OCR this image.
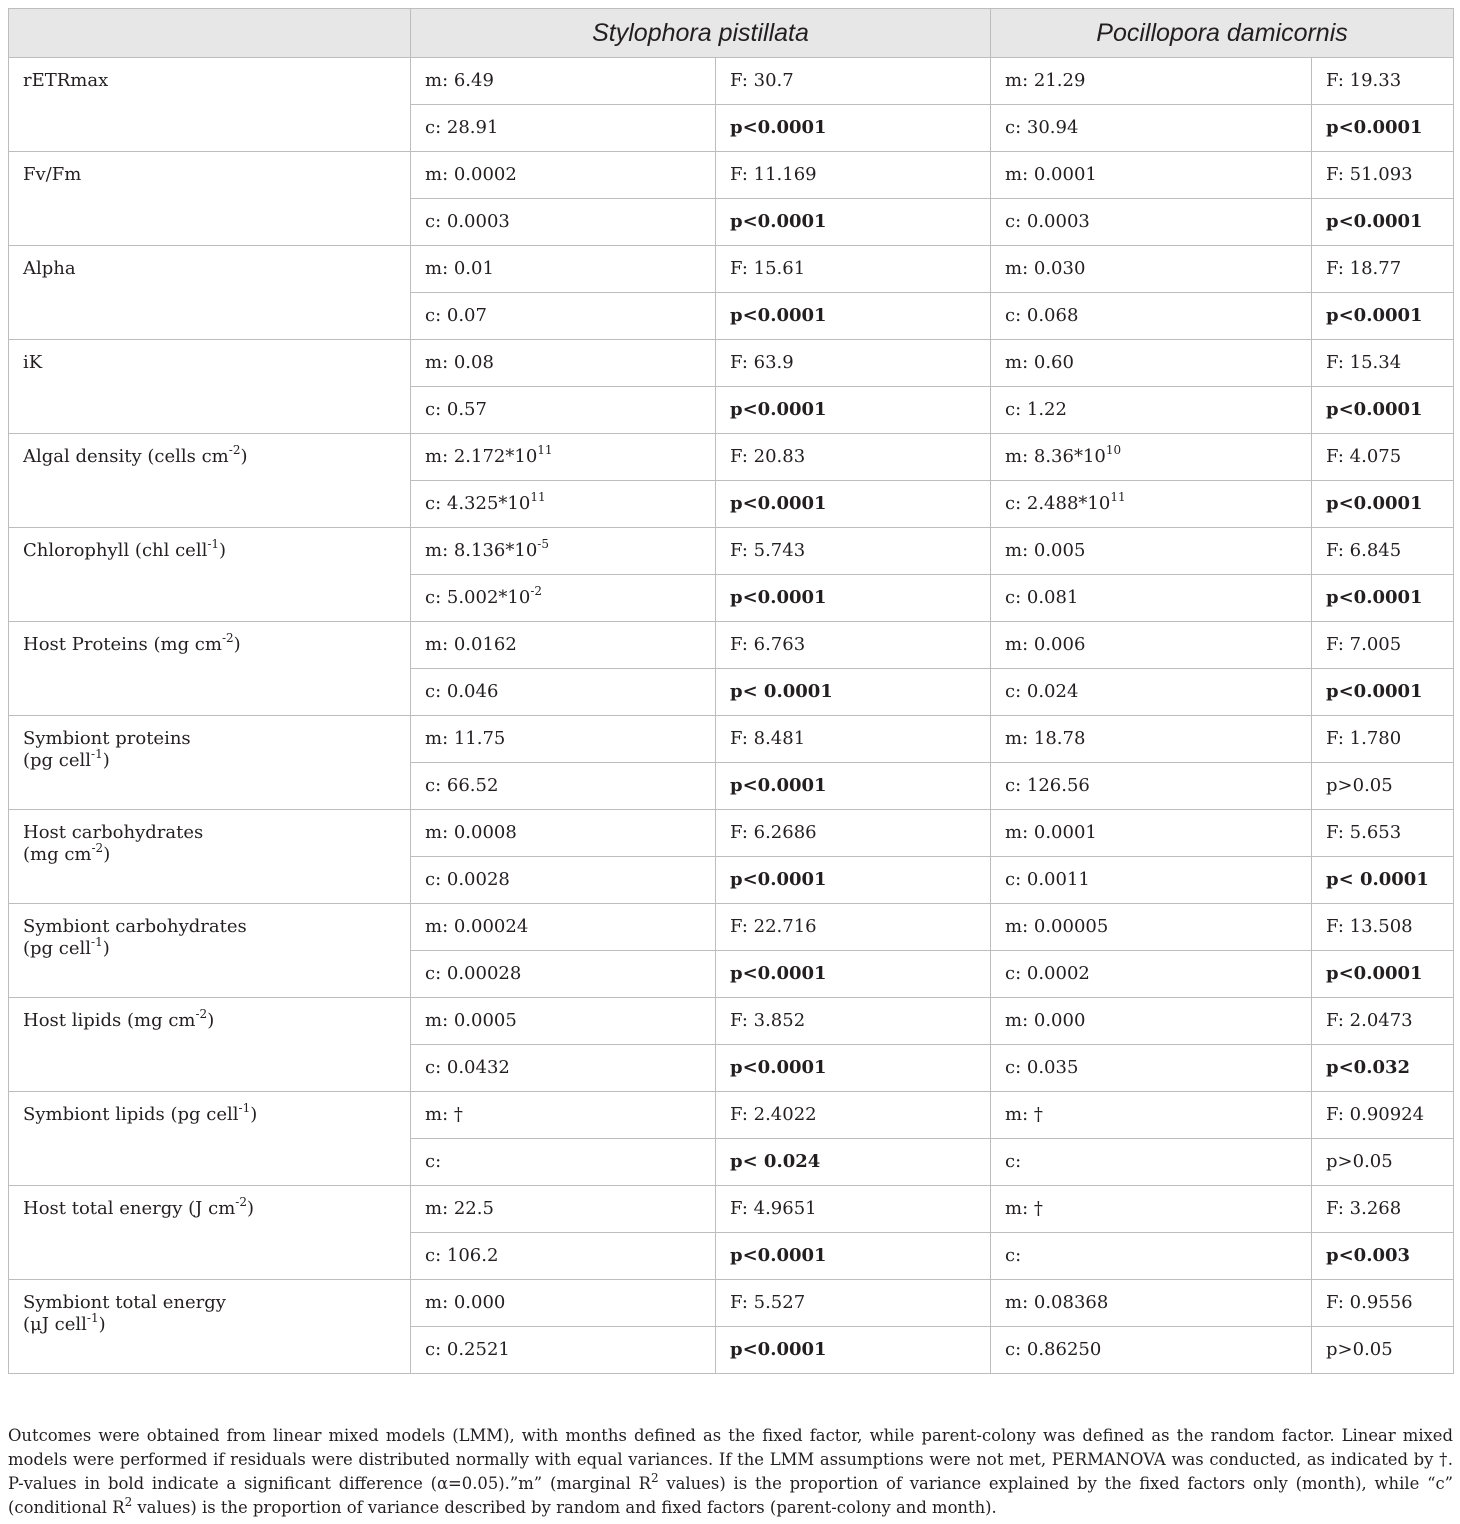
	Stylophora pistillata		Pocillopora damicornis	
rETRmax	m: 6.49	F: 30.7	m: 21.29	F: 19.33
	c: 28.91	p<0.0001	c: 30.94	p<0.0001
Fv/Fm	m: 0.0002	F: 11.169	m: 0.0001	F: 51.093
	c: 0.0003	p<0.0001	c: 0.0003	p<0.0001
Alpha	m: 0.01	F: 15.61	m: 0.030	F: 18.77
	c: 0.07	p<0.0001	c: 0.068	p<0.0001
iK	m: 0.08	F: 63.9	m: 0.60	F: 15.34
	c: 0.57	p<0.0001	c: 1.22	p<0.0001
Algal density (cells $cm^{-2}$)	m: $2.172*10^{11}$	F: 20.83	m: $8.36*10^{10}$	F: 4.075
	c: $4.325*10^{11}$	p<0.0001	c: $2.488*10^{11}$	p<0.0001
Chlorophyll (chl cell$^{-1}$)	m: $8.136*10^{-5}$	F: 5.743	m: 0.005	F: 6.845
	c: $5.002*10^{-2}$	p<0.0001	c: 0.081	p<0.0001
Host Proteins (mg $cm^{-2}$)	m: 0.0162	F: 6.763	m: 0.006	F: 7.005
	c: 0.046	p< 0.0001	c: 0.024	p<0.0001
Symbiont proteins
(pg cell$^{-1}$)	m: 11.75	F: 8.481	m: 18.78	F: 1.780
	c: 66.52	p<0.0001	c: 126.56	p>0.05
Host carbohydrates
(mg $cm^{-2}$)	m: 0.0008	F: 6.2686	m: 0.0001	F: 5.653
	c: 0.0028	p<0.0001	c: 0.0011	p< 0.0001
Symbiont carbohydrates
(pg cell$^{-1}$)	m: 0.00024	F: 22.716	m: 0.00005	F: 13.508
	c: 0.00028	p<0.0001	c: 0.0002	p<0.0001
Host lipids (mg $cm^{-2}$)	m: 0.0005	F: 3.852	m: 0.000	F: 2.0473
	c: 0.0432	p<0.0001	c: 0.035	p<0.032
Symbiont lipids (pg cell$^{-1}$)	m: †	F: 2.4022	m: †	F: 0.90924
	c:	p< 0.024	c:	p>0.05
Host total energy (J $cm^{-2}$)	m: 22.5	F: 4.9651	m: †	F: 3.268
	c: 106.2	p<0.0001	c:	p<0.003
Symbiont total energy
(μJ cell$^{-1}$)	m: 0.000	F: 5.527	m: 0.08368	F: 0.9556
	c: 0.2521	p<0.0001	c: 0.86250	p>0.05
Outcomes were obtained from linear mixed models (LMM), with months defined as the fixed factor, while parent-colony was defined as the random factor. Linear mixed models were performed if residuals were distributed normally with equal variances. If the LMM assumptions were not met, PERMANOVA was conducted, as indicated by †. P-values in bold indicate a significant difference (α=0.05).”m” (marginal $R^2$ values) is the proportion of variance explained by the fixed factors only (month), while “c” (conditional $R^2$ values) is the proportion of variance described by random and fixed factors (parent-colony and month).
